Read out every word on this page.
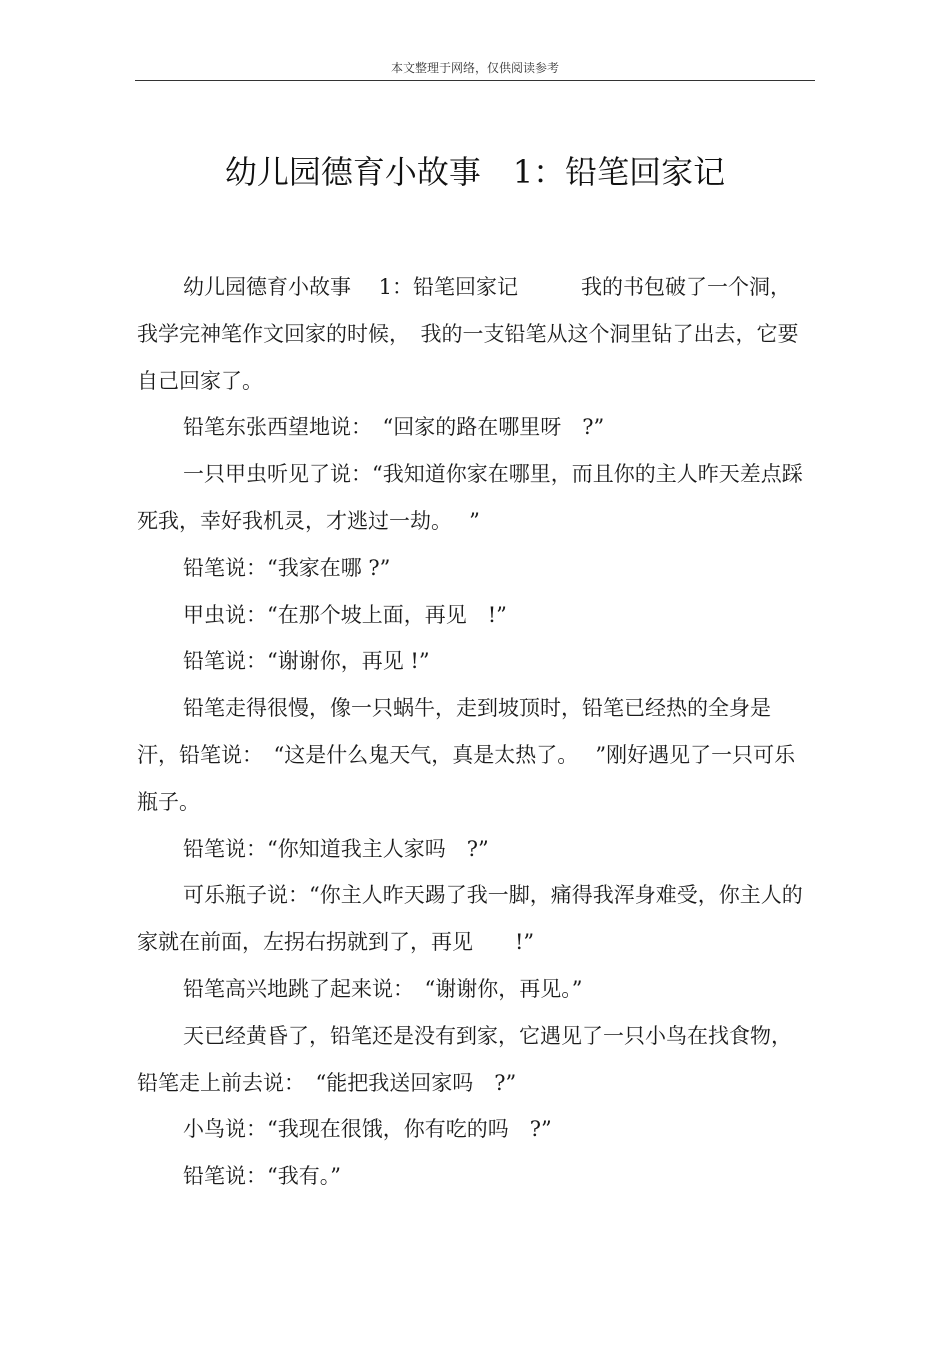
本文整理于网络，仅供阅读参考
幼儿园德育小故事　1：铅笔回家记

幼儿园德育小故事　 1：铅笔回家记　　　我的书包破了一个洞，我学完神笔作文回家的时候，　我的一支铅笔从这个洞里钻了出去，它要自己回家了。

铅笔东张西望地说：　“回家的路在哪里呀　?”

一只甲虫听见了说：“我知道你家在哪里，而且你的主人昨天差点踩死我，幸好我机灵，才逃过一劫。　 ”

铅笔说：“我家在哪 ?”

甲虫说：“在那个坡上面，再见　!”

铅笔说：“谢谢你，再见 !”

铅笔走得很慢，像一只蜗牛，走到坡顶时，铅笔已经热的全身是汗，铅笔说：　“这是什么鬼天气，真是太热了。　 ”刚好遇见了一只可乐瓶子。

铅笔说：“你知道我主人家吗　?”

可乐瓶子说：“你主人昨天踢了我一脚，痛得我浑身难受，你主人的家就在前面，左拐右拐就到了，再见　　!”

铅笔高兴地跳了起来说：　“谢谢你，再见。”

天已经黄昏了，铅笔还是没有到家，它遇见了一只小鸟在找食物，铅笔走上前去说：　“能把我送回家吗　?”

小鸟说：“我现在很饿，你有吃的吗　?”

铅笔说：“我有。”
